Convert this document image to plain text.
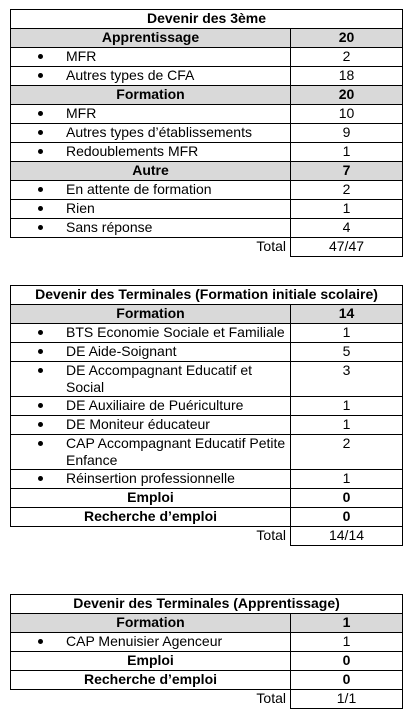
Devenir des 3ème	
Apprentissage	20

MFR	2

Autres types de CFA	18
Formation	20

MFR	10

Autres types d’établissements	9

Redoublements MFR	1
Autre	7

En attente de formation	2

Rien	1

Sans réponse	4
Total	47/47
Devenir des Terminales (Formation initiale scolaire)	
Formation	14

BTS Economie Sociale et Familiale	1

DE Aide-Soignant	5

DE Accompagnant Educatif et Social	3

DE Auxiliaire de Puériculture	1

DE Moniteur éducateur	1

CAP Accompagnant Educatif Petite Enfance	2

Réinsertion professionnelle	1
Emploi	0
Recherche d’emploi	0
Total	14/14
Devenir des Terminales (Apprentissage)	
Formation	1

CAP Menuisier Agenceur	1
Emploi	0
Recherche d’emploi	0
Total	1/1
